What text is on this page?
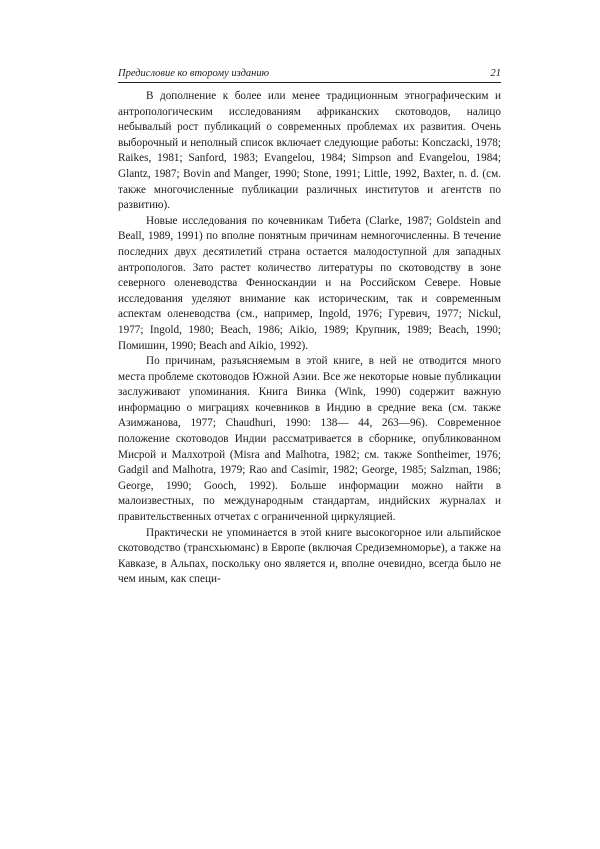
Предисловие ко второму изданию	21

В дополнение к более или менее традиционным этнографическим и антропологическим исследованиям африканских скотоводов, налицо небывалый рост публикаций о современных проблемах их развития. Очень выборочный и неполный список включает следующие работы: Konczacki, 1978; Raikes, 1981; Sanford, 1983; Evangelou, 1984; Simpson and Evangelou, 1984; Glantz, 1987; Bovin and Manger, 1990; Stone, 1991; Little, 1992, Baxter, n. d. (см. также многочисленные публикации различных институтов и агентств по развитию).

Новые исследования по кочевникам Тибета (Clarke, 1987; Goldstein and Beall, 1989, 1991) по вполне понятным причинам немногочисленны. В течение последних двух десятилетий страна остается малодоступной для западных антропологов. Зато растет количество литературы по скотоводству в зоне северного оленеводства Фенноскандии и на Российском Севере. Новые исследования уделяют внимание как историческим, так и современным аспектам оленеводства (см., например, Ingold, 1976; Гуревич, 1977; Nickul, 1977; Ingold, 1980; Beach, 1986; Aikio, 1989; Крупник, 1989; Beach, 1990; Помишин, 1990; Beach and Aikio, 1992).

По причинам, разъясняемым в этой книге, в ней не отводится много места проблеме скотоводов Южной Азии. Все же некоторые новые публикации заслуживают упоминания. Книга Винка (Wink, 1990) содержит важную информацию о миграциях кочевников в Индию в средние века (см. также Азимжанова, 1977; Chaudhuri, 1990: 138— 44, 263—96). Современное положение скотоводов Индии рассматривается в сборнике, опубликованном Мисрой и Малхотрой (Misra and Malhotra, 1982; см. также Sontheimer, 1976; Gadgil and Malhotra, 1979; Rao and Casimir, 1982; George, 1985; Salzman, 1986; George, 1990; Gooch, 1992). Больше информации можно найти в малоизвестных, по международным стандартам, индийских журналах и правительственных отчетах с ограниченной циркуляцией.

Практически не упоминается в этой книге высокогорное или альпийское скотоводство (трансхьюманс) в Европе (включая Средиземноморье), а также на Кавказе, в Альпах, поскольку оно является и, вполне очевидно, всегда было не чем иным, как специ-
